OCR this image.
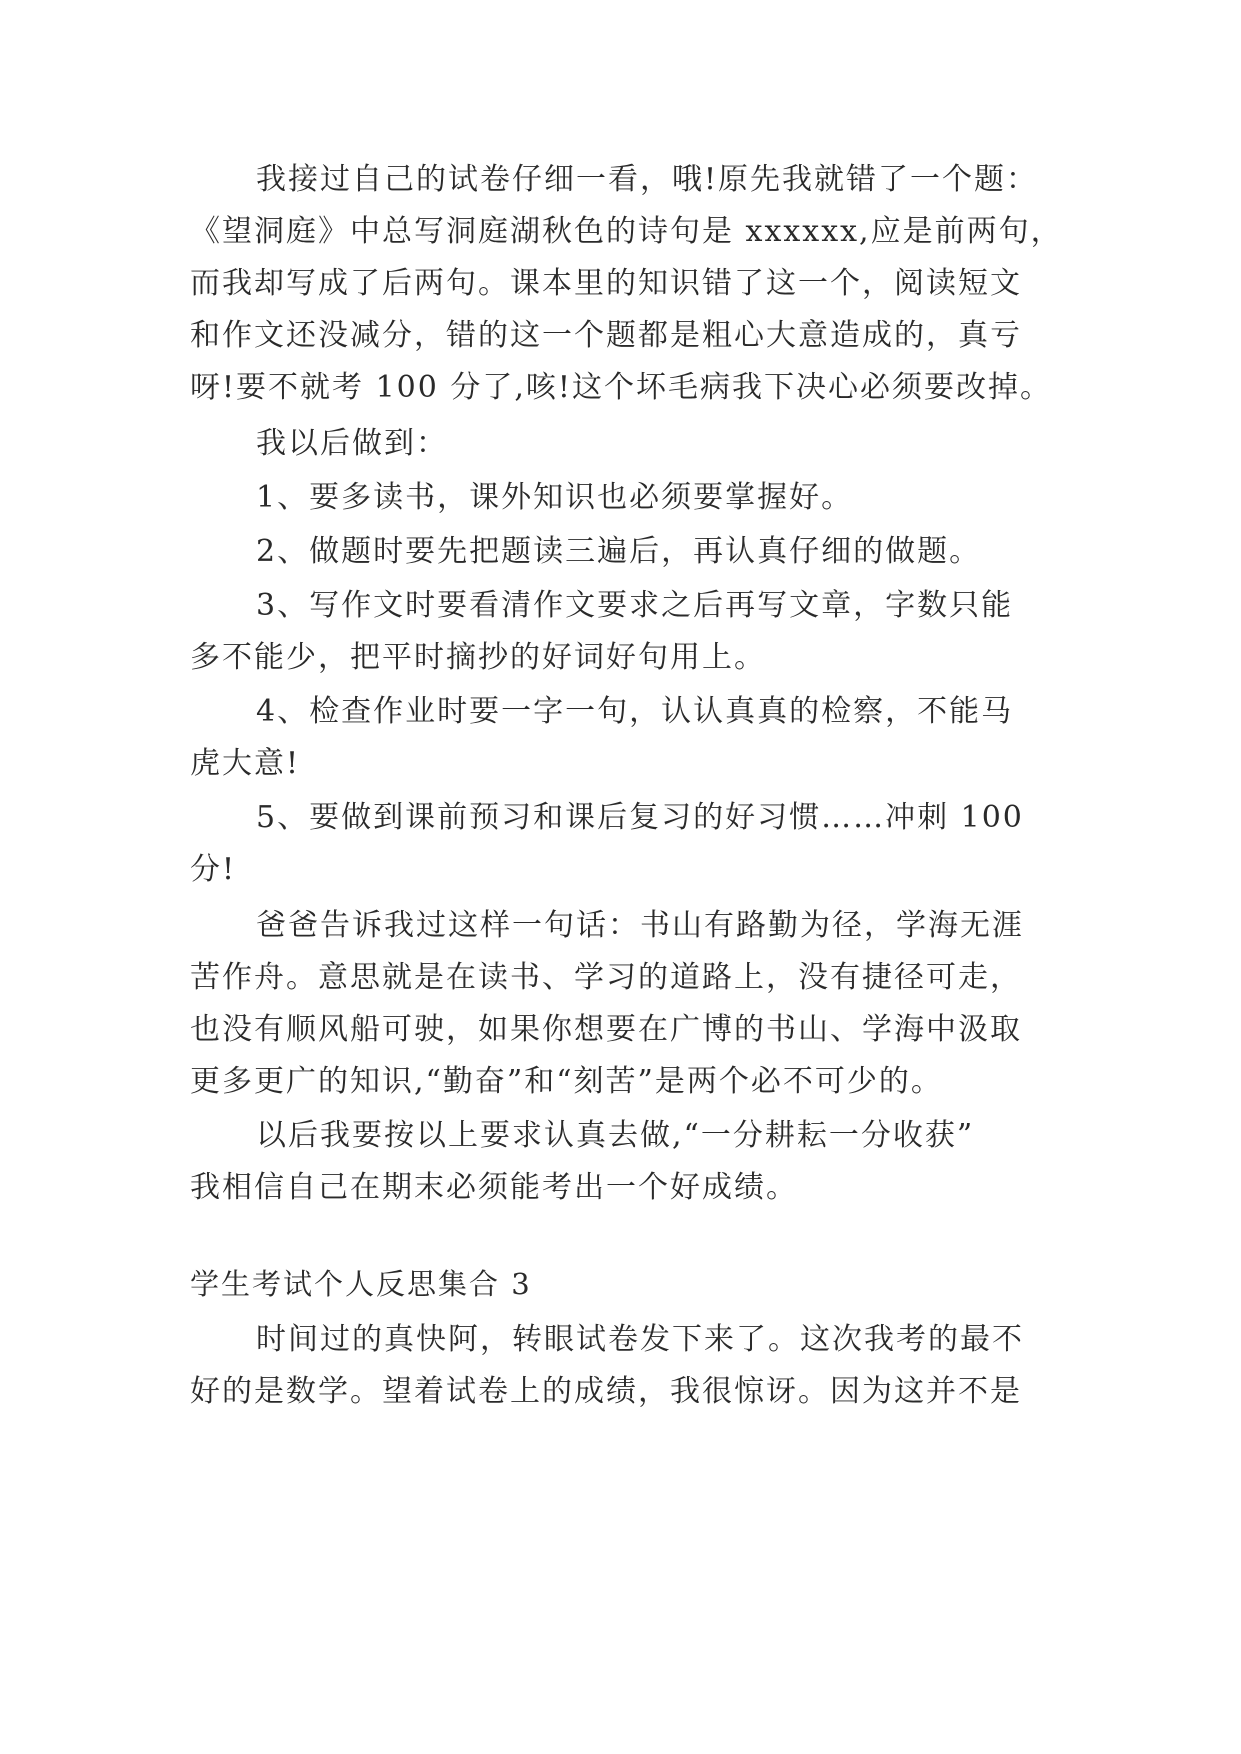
我接过自己的试卷仔细一看，哦!原先我就错了一个题：
《望洞庭》中总写洞庭湖秋色的诗句是 xxxxxx,应是前两句，
而我却写成了后两句。课本里的知识错了这一个，阅读短文
和作文还没减分，错的这一个题都是粗心大意造成的，真亏
呀!要不就考 100 分了,咳!这个坏毛病我下决心必须要改掉。
我以后做到：
1、要多读书，课外知识也必须要掌握好。
2、做题时要先把题读三遍后，再认真仔细的做题。
3、写作文时要看清作文要求之后再写文章，字数只能
多不能少，把平时摘抄的好词好句用上。
4、检查作业时要一字一句，认认真真的检察，不能马
虎大意!
5、要做到课前预习和课后复习的好习惯……冲刺 100
分!
爸爸告诉我过这样一句话：书山有路勤为径，学海无涯
苦作舟。意思就是在读书、学习的道路上，没有捷径可走，
也没有顺风船可驶，如果你想要在广博的书山、学海中汲取
更多更广的知识,“勤奋”和“刻苦”是两个必不可少的。
以后我要按以上要求认真去做,“一分耕耘一分收获”
我相信自己在期末必须能考出一个好成绩。
学生考试个人反思集合 3
时间过的真快阿，转眼试卷发下来了。这次我考的最不
好的是数学。望着试卷上的成绩，我很惊讶。因为这并不是
